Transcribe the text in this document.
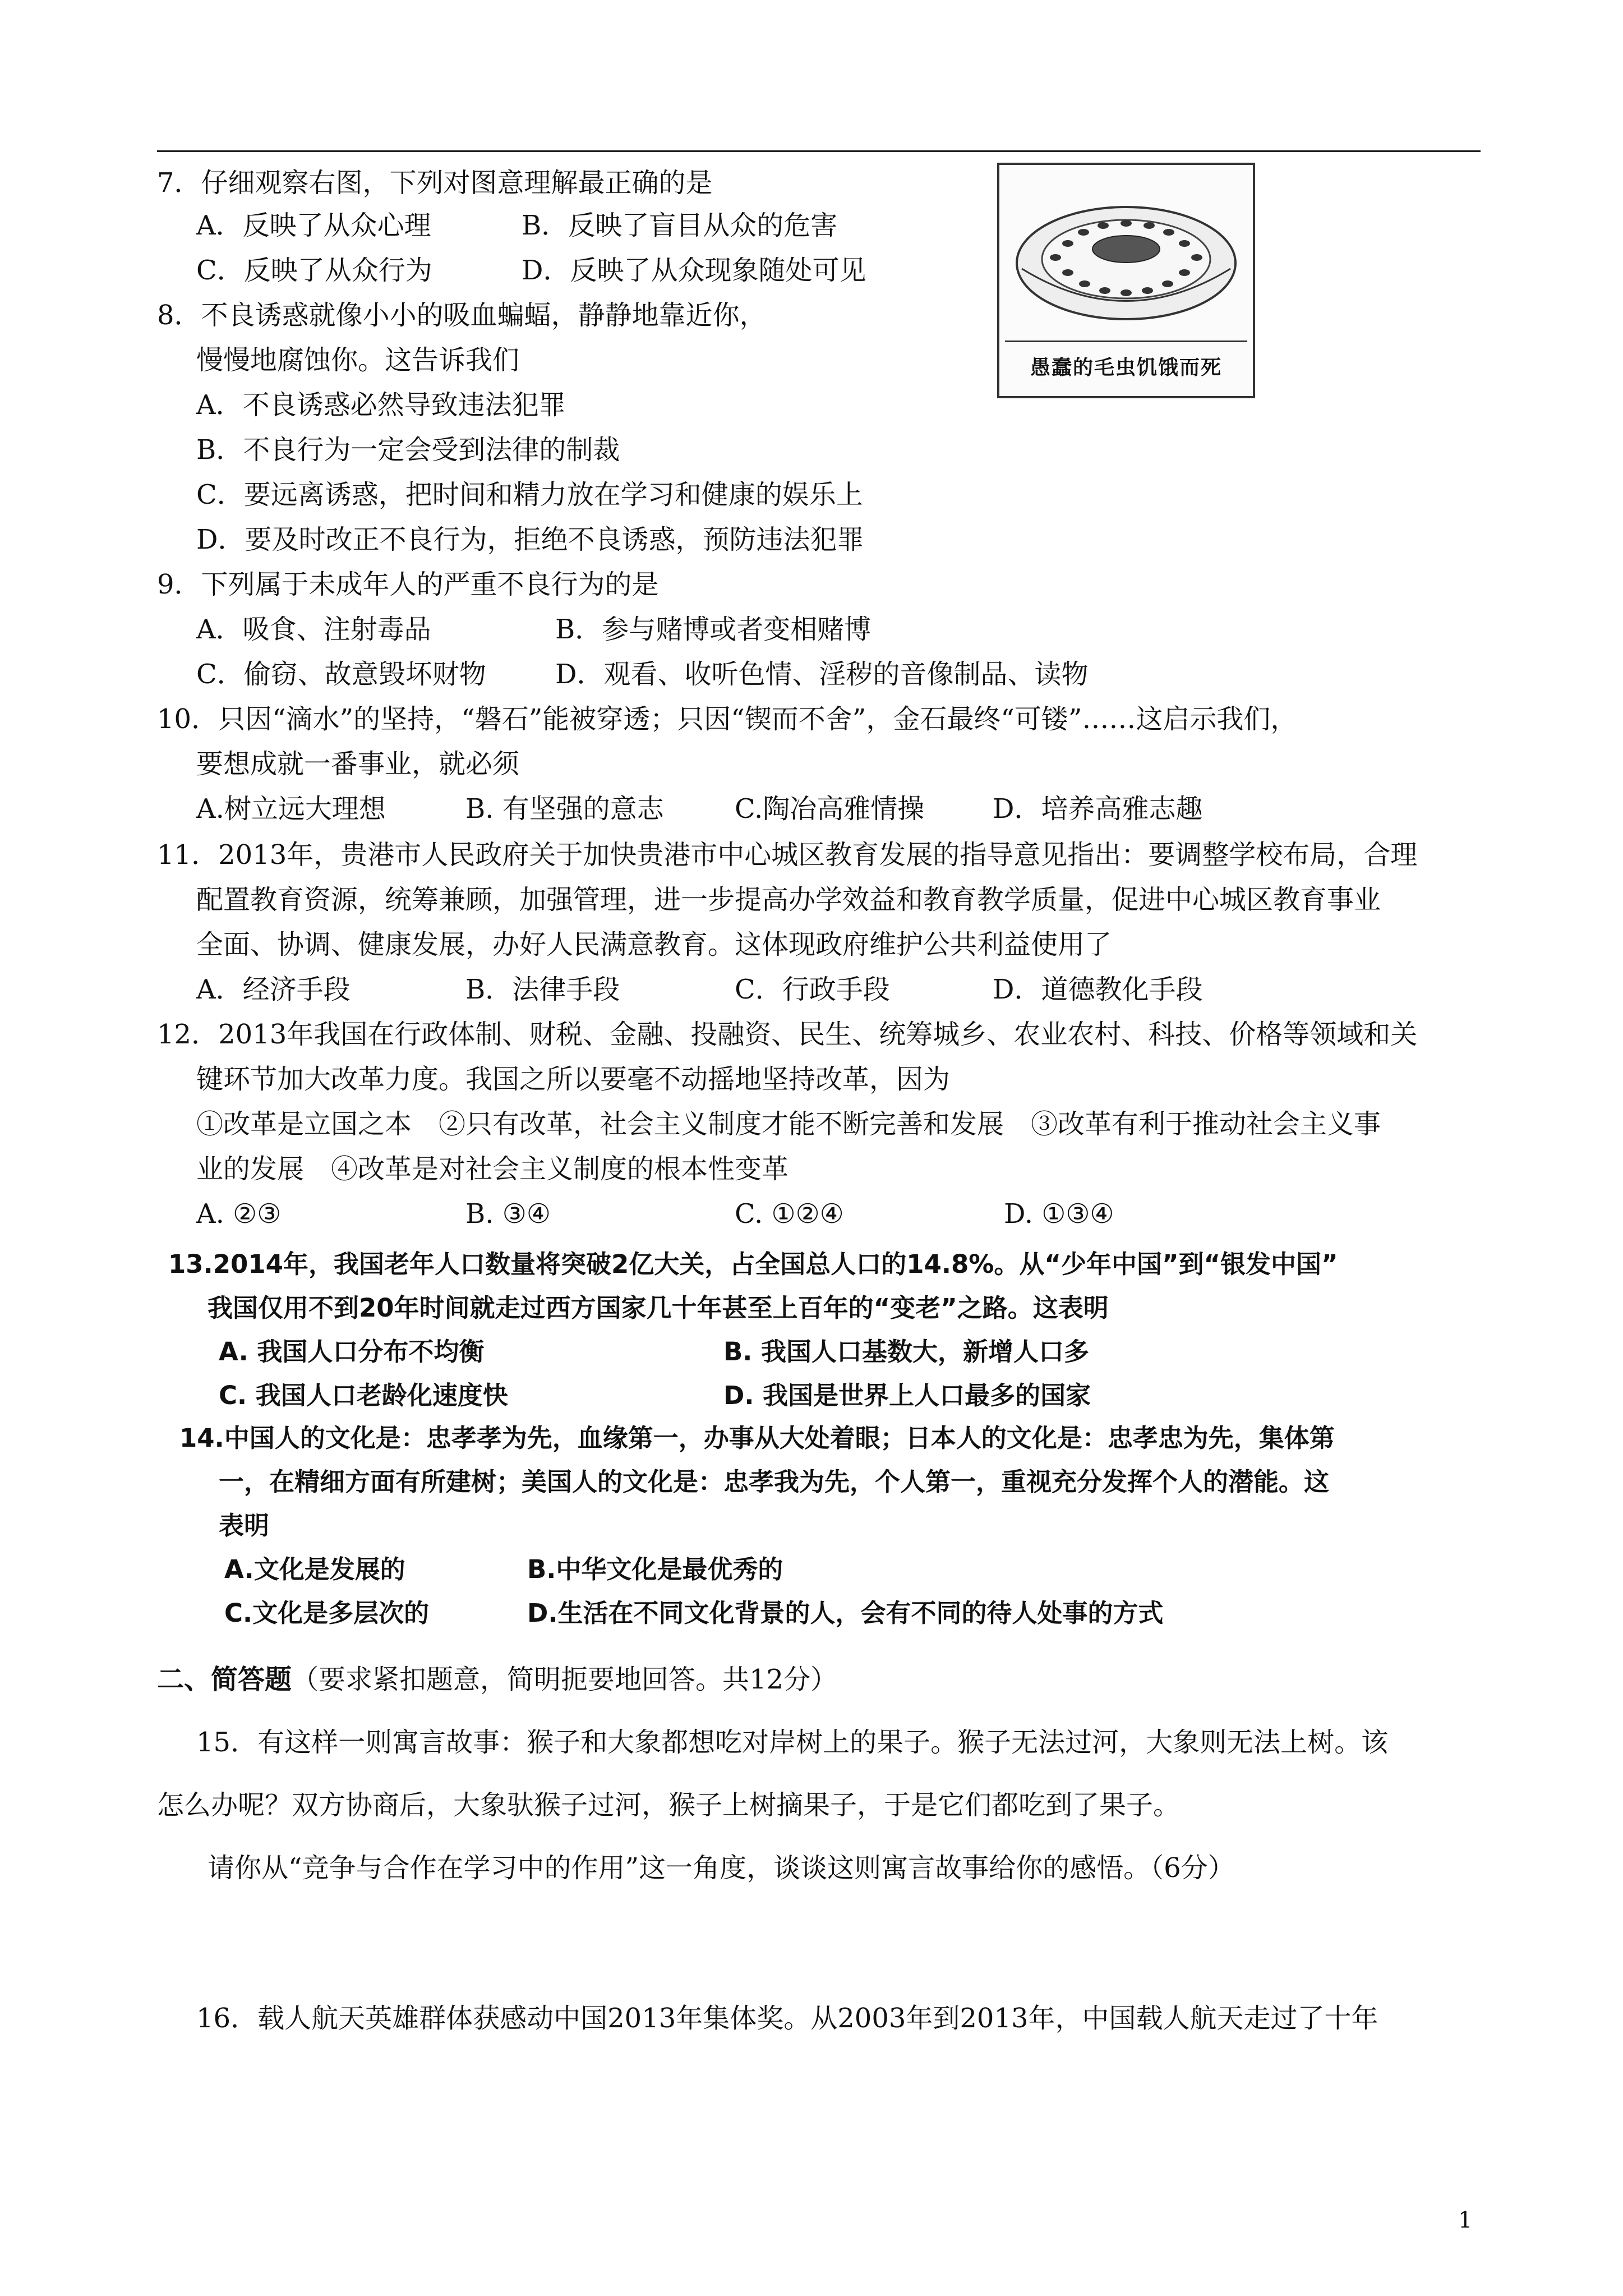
7．仔细观察右图，下列对图意理解最正确的是
A．反映了从众心理	B．反映了盲目从众的危害
C．反映了从众行为	D．反映了从众现象随处可见
愚蠢的毛虫饥饿而死
8．不良诱惑就像小小的吸血蝙蝠，静静地靠近你，
慢慢地腐蚀你。这告诉我们
A．不良诱惑必然导致违法犯罪
B．不良行为一定会受到法律的制裁
C．要远离诱惑，把时间和精力放在学习和健康的娱乐上
D．要及时改正不良行为，拒绝不良诱惑，预防违法犯罪
9．下列属于未成年人的严重不良行为的是
A．吸食、注射毒品	B．参与赌博或者变相赌博
C．偷窃、故意毁坏财物	D．观看、收听色情、淫秽的音像制品、读物
10．只因“滴水”的坚持，“磐石”能被穿透；只因“锲而不舍”，金石最终“可镂”……这启示我们，
要想成就一番事业，就必须
A.树立远大理想	B. 有坚强的意志	C.陶冶高雅情操	D．培养高雅志趣
11．2013年，贵港市人民政府关于加快贵港市中心城区教育发展的指导意见指出：要调整学校布局，合理
配置教育资源，统筹兼顾，加强管理，进一步提高办学效益和教育教学质量，促进中心城区教育事业
全面、协调、健康发展，办好人民满意教育。这体现政府维护公共利益使用了
A．经济手段	B．法律手段	C．行政手段	D．道德教化手段
12．2013年我国在行政体制、财税、金融、投融资、民生、统筹城乡、农业农村、科技、价格等领域和关
键环节加大改革力度。我国之所以要毫不动摇地坚持改革，因为
①改革是立国之本　②只有改革，社会主义制度才能不断完善和发展　③改革有利于推动社会主义事
业的发展　④改革是对社会主义制度的根本性变革
A. ②③	B. ③④	C. ①②④	D. ①③④
13.2014年，我国老年人口数量将突破2亿大关，占全国总人口的14.8%。从“少年中国”到“银发中国”
我国仅用不到20年时间就走过西方国家几十年甚至上百年的“变老”之路。这表明
A. 我国人口分布不均衡	B. 我国人口基数大，新增人口多
C. 我国人口老龄化速度快	D. 我国是世界上人口最多的国家
14.中国人的文化是：忠孝孝为先，血缘第一，办事从大处着眼；日本人的文化是：忠孝忠为先，集体第
一，在精细方面有所建树；美国人的文化是：忠孝我为先，个人第一，重视充分发挥个人的潜能。这
表明
A.文化是发展的	B.中华文化是最优秀的
C.文化是多层次的	D.生活在不同文化背景的人，会有不同的待人处事的方式
二、简答题（要求紧扣题意，简明扼要地回答。共12分）
15．有这样一则寓言故事：猴子和大象都想吃对岸树上的果子。猴子无法过河，大象则无法上树。该
怎么办呢？双方协商后，大象驮猴子过河，猴子上树摘果子，于是它们都吃到了果子。
请你从“竞争与合作在学习中的作用”这一角度，谈谈这则寓言故事给你的感悟。（6分）
16．载人航天英雄群体获感动中国2013年集体奖。从2003年到2013年，中国载人航天走过了十年
1
